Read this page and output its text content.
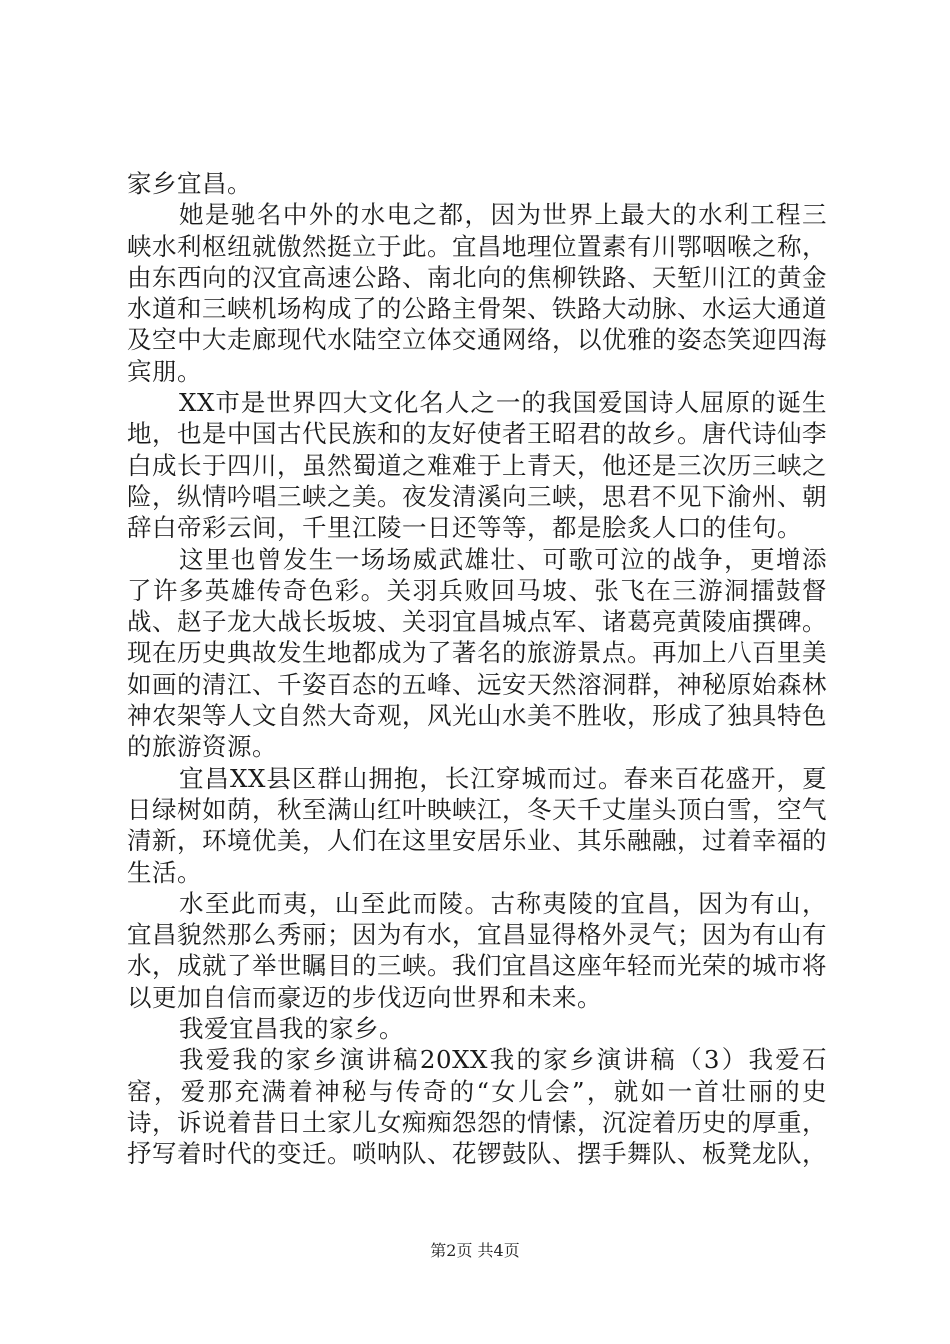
家乡宜昌。

她是驰名中外的水电之都，因为世界上最大的水利工程三峡水利枢纽就傲然挺立于此。宜昌地理位置素有川鄂咽喉之称，由东西向的汉宜高速公路、南北向的焦柳铁路、天堑川江的黄金水道和三峡机场构成了的公路主骨架、铁路大动脉、水运大通道及空中大走廊现代水陆空立体交通网络，以优雅的姿态笑迎四海宾朋。

XX市是世界四大文化名人之一的我国爱国诗人屈原的诞生地，也是中国古代民族和的友好使者王昭君的故乡。唐代诗仙李白成长于四川，虽然蜀道之难难于上青天，他还是三次历三峡之险，纵情吟唱三峡之美。夜发清溪向三峡，思君不见下渝州、朝辞白帝彩云间，千里江陵一日还等等，都是脍炙人口的佳句。

这里也曾发生一场场威武雄壮、可歌可泣的战争，更增添了许多英雄传奇色彩。关羽兵败回马坡、张飞在三游洞擂鼓督战、赵子龙大战长坂坡、关羽宜昌城点军、诸葛亮黄陵庙撰碑。现在历史典故发生地都成为了著名的旅游景点。再加上八百里美如画的清江、千姿百态的五峰、远安天然溶洞群，神秘原始森林神农架等人文自然大奇观，风光山水美不胜收，形成了独具特色的旅游资源。

宜昌XX县区群山拥抱，长江穿城而过。春来百花盛开，夏日绿树如荫，秋至满山红叶映峡江，冬天千丈崖头顶白雪，空气清新，环境优美，人们在这里安居乐业、其乐融融，过着幸福的生活。

水至此而夷，山至此而陵。古称夷陵的宜昌，因为有山，宜昌貌然那么秀丽；因为有水，宜昌显得格外灵气；因为有山有水，成就了举世瞩目的三峡。我们宜昌这座年轻而光荣的城市将以更加自信而豪迈的步伐迈向世界和未来。

我爱宜昌我的家乡。

我爱我的家乡演讲稿20XX我的家乡演讲稿（3）我爱石窑，爱那充满着神秘与传奇的“女儿会”，就如一首壮丽的史诗，诉说着昔日土家儿女痴痴怨怨的情愫，沉淀着历史的厚重，抒写着时代的变迁。唢呐队、花锣鼓队、摆手舞队、板凳龙队，

第2页 共4页
